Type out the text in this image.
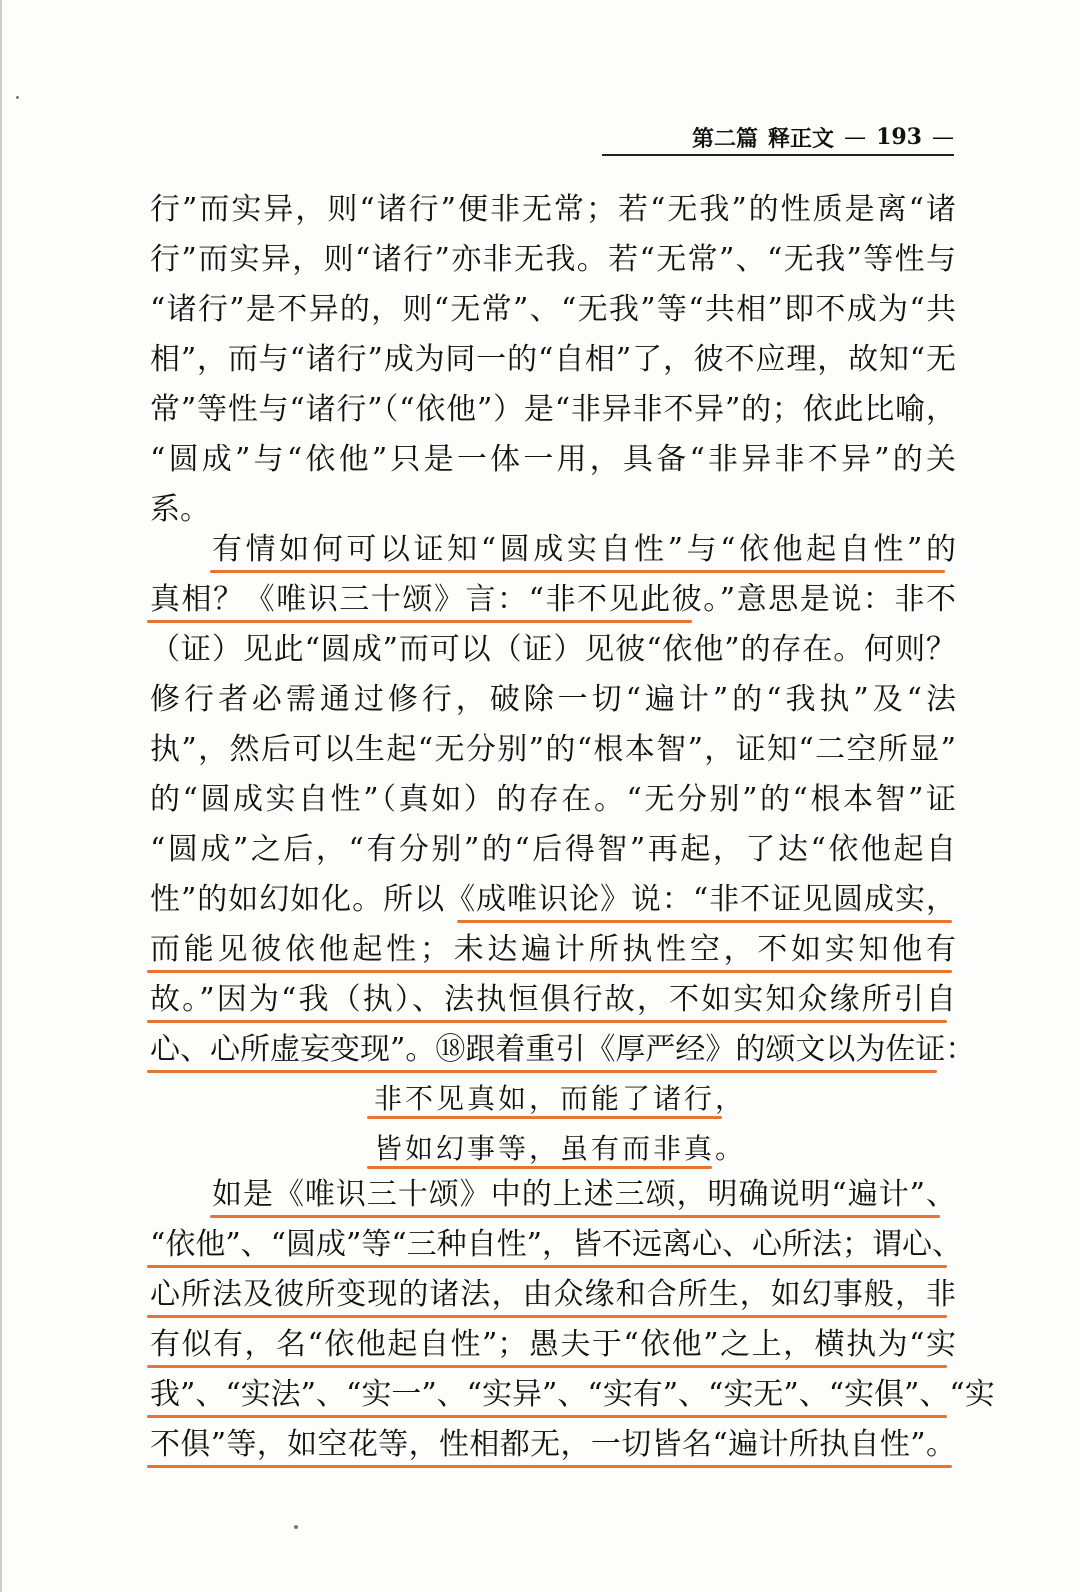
第二篇 释正文 — 193 —
行”而实异，则“诸行”便非无常；若“无我”的性质是离“诸
行”而实异，则“诸行”亦非无我。若“无常”、“无我”等性与
“诸行”是不异的，则“无常”、“无我”等“共相”即不成为“共
相”，而与“诸行”成为同一的“自相”了，彼不应理，故知“无
常”等性与“诸行”（“依他”）是“非异非不异”的；依此比喻，
“圆成”与“依他”只是一体一用，具备“非异非不异”的关
系。
有情如何可以证知“圆成实自性”与“依他起自性”的
真相？《唯识三十颂》言：“非不见此彼。”意思是说：非不
（证）见此“圆成”而可以（证）见彼“依他”的存在。何则？
修行者必需通过修行，破除一切“遍计”的“我执”及“法
执”，然后可以生起“无分别”的“根本智”，证知“二空所显”
的“圆成实自性”（真如）的存在。“无分别”的“根本智”证
“圆成”之后，“有分别”的“后得智”再起，了达“依他起自
性”的如幻如化。所以《成唯识论》说：“非不证见圆成实，
而能见彼依他起性；未达遍计所执性空，不如实知他有
故。”因为“我（执）、法执恒俱行故，不如实知众缘所引自
心、心所虚妄变现”。⑱跟着重引《厚严经》的颂文以为佐证：
非不见真如，而能了诸行，
皆如幻事等，虽有而非真。
如是《唯识三十颂》中的上述三颂，明确说明“遍计”、
“依他”、“圆成”等“三种自性”，皆不远离心、心所法；谓心、
心所法及彼所变现的诸法，由众缘和合所生，如幻事般，非
有似有，名“依他起自性”；愚夫于“依他”之上，横执为“实
我”、“实法”、“实一”、“实异”、“实有”、“实无”、“实俱”、“实
不俱”等，如空花等，性相都无，一切皆名“遍计所执自性”。
